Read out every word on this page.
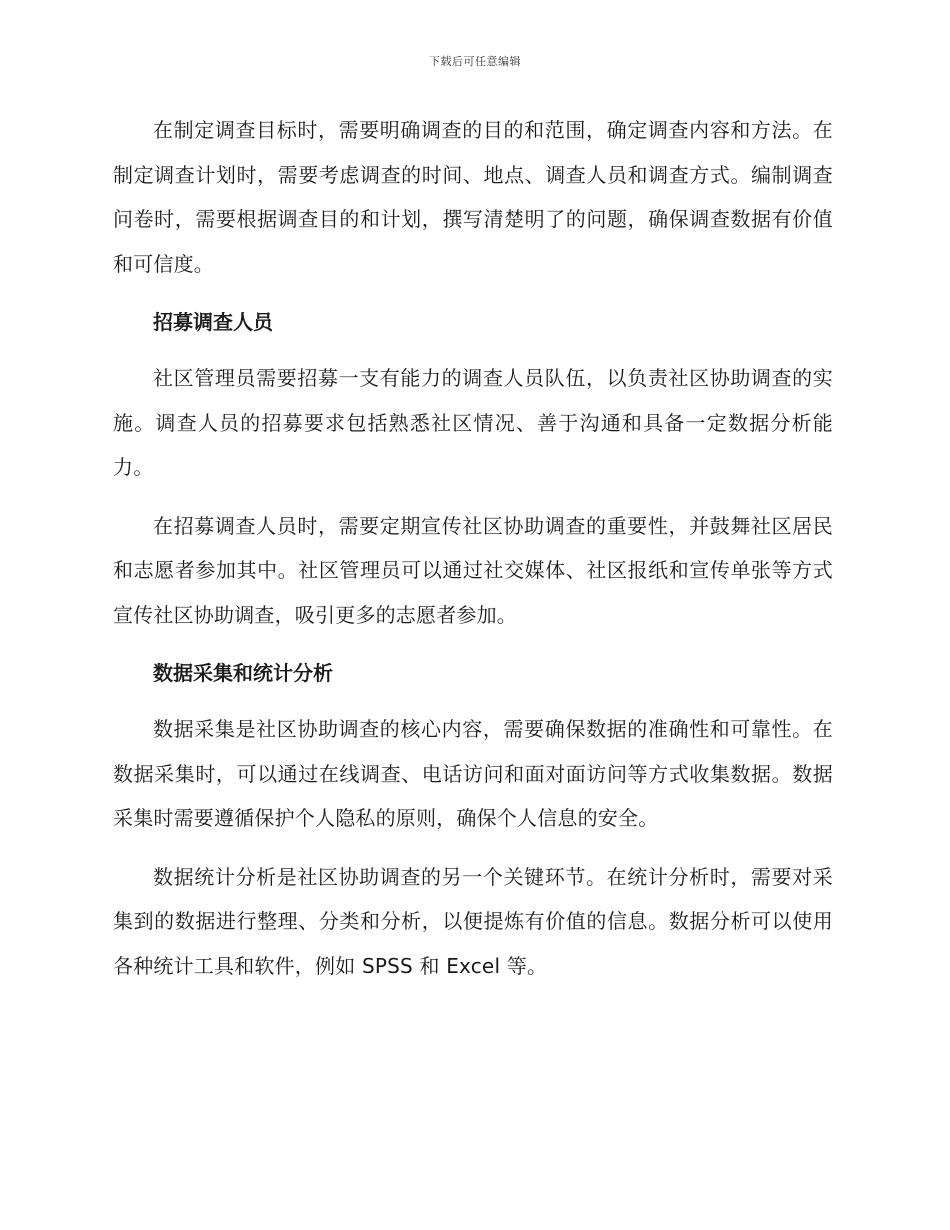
下载后可任意编辑

在制定调查目标时，需要明确调查的目的和范围，确定调查内容和方法。在制定调查计划时，需要考虑调查的时间、地点、调查人员和调查方式。编制调查问卷时，需要根据调查目的和计划，撰写清楚明了的问题，确保调查数据有价值和可信度。

招募调查人员

社区管理员需要招募一支有能力的调查人员队伍，以负责社区协助调查的实施。调查人员的招募要求包括熟悉社区情况、善于沟通和具备一定数据分析能力。

在招募调查人员时，需要定期宣传社区协助调查的重要性，并鼓舞社区居民和志愿者参加其中。社区管理员可以通过社交媒体、社区报纸和宣传单张等方式宣传社区协助调查，吸引更多的志愿者参加。

数据采集和统计分析

数据采集是社区协助调查的核心内容，需要确保数据的准确性和可靠性。在数据采集时，可以通过在线调查、电话访问和面对面访问等方式收集数据。数据采集时需要遵循保护个人隐私的原则，确保个人信息的安全。

数据统计分析是社区协助调查的另一个关键环节。在统计分析时，需要对采集到的数据进行整理、分类和分析，以便提炼有价值的信息。数据分析可以使用各种统计工具和软件，例如 SPSS 和 Excel 等。
